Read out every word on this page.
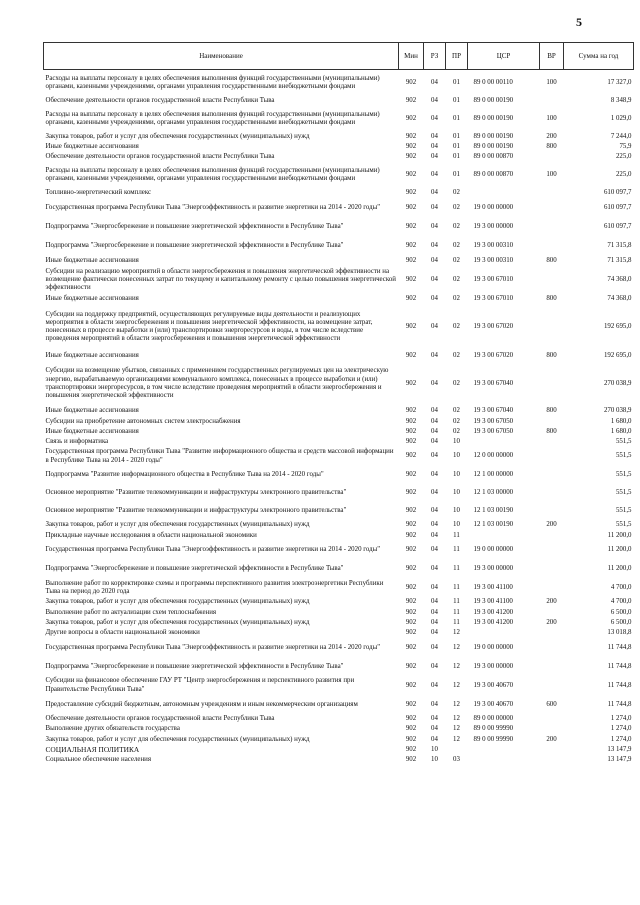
5
Наименование	Мин	РЗ	ПР	ЦСР	ВР	Сумма на год
Расходы на выплаты персоналу в целях обеспечения выполнения функций государственными (муниципальными) органами, казенными учреждениями, органами управления государственными внебюджетными фондами	902	04	01	89 0 00 00110	100	17 327,0
Обеспечение деятельности органов государственной власти Республики Тыва	902	04	01	89 0 00 00190		8 348,9
Расходы на выплаты персоналу в целях обеспечения выполнения функций государственными (муниципальными) органами, казенными учреждениями, органами управления государственными внебюджетными фондами	902	04	01	89 0 00 00190	100	1 029,0
Закупка товаров, работ и услуг для обеспечения государственных (муниципальных) нужд	902	04	01	89 0 00 00190	200	7 244,0
Иные бюджетные ассигнования	902	04	01	89 0 00 00190	800	75,9
Обеспечение деятельности органов государственной власти Республики Тыва	902	04	01	89 0 00 00870		225,0
Расходы на выплаты персоналу в целях обеспечения выполнения функций государственными (муниципальными) органами, казенными учреждениями, органами управления государственными внебюджетными фондами	902	04	01	89 0 00 00870	100	225,0
Топливно-энергетический комплекс	902	04	02			610 097,7
Государственная программа Республики Тыва "Энергоэффективность и развитие энергетики на 2014 - 2020 годы"	902	04	02	19 0 00 00000		610 097,7
Подпрограмма "Энергосбережение и повышение энергетической эффективности в Республике Тыва"	902	04	02	19 3 00 00000		610 097,7
Подпрограмма "Энергосбережение и повышение энергетической эффективности в Республике Тыва"	902	04	02	19 3 00 00310		71 315,8
Иные бюджетные ассигнования	902	04	02	19 3 00 00310	800	71 315,8
Субсидии на реализацию мероприятий в области энергосбережения и повышения энергетической эффективности на возмещение фактически понесенных затрат по текущему и капитальному ремонту с целью повышения энергетической эффективности	902	04	02	19 3 00 67010		74 368,0
Иные бюджетные ассигнования	902	04	02	19 3 00 67010	800	74 368,0
Субсидии на поддержку предприятий, осуществляющих регулируемые виды деятельности и реализующих мероприятия в области энергосбережения и повышения энергетической эффективности, на возмещение затрат, понесенных в процессе выработки и (или) транспортировки энергоресурсов и воды, в том числе вследствие проведения мероприятий в области энергосбережения и повышения энергетической эффективности	902	04	02	19 3 00 67020		192 695,0
Иные бюджетные ассигнования	902	04	02	19 3 00 67020	800	192 695,0
Субсидии на возмещение убытков, связанных с применением государственных регулируемых цен на электрическую энергию, вырабатываемую организациями коммунального комплекса, понесенных в процессе выработки и (или) транспортировки энергоресурсов, в том числе вследствие проведения мероприятий в области энергосбережения и повышения энергетической эффективности	902	04	02	19 3 00 67040		270 038,9
Иные бюджетные ассигнования	902	04	02	19 3 00 67040	800	270 038,9
Субсидии на приобретение автономных систем электроснабжения	902	04	02	19 3 00 67050		1 680,0
Иные бюджетные ассигнования	902	04	02	19 3 00 67050	800	1 680,0
Связь и информатика	902	04	10			551,5
Государственная программа Республики Тыва "Развитие информационного общества и средств массовой информации в Республике Тыва на 2014 - 2020 годы"	902	04	10	12 0 00 00000		551,5
Подпрограмма "Развитие информационного общества в Республике Тыва на 2014 - 2020 годы"	902	04	10	12 1 00 00000		551,5
Основное мероприятие "Развитие телекоммуникации и инфраструктуры электронного правительства"	902	04	10	12 1 03 00000		551,5
Основное мероприятие "Развитие телекоммуникации и инфраструктуры электронного правительства"	902	04	10	12 1 03 00190		551,5
Закупка товаров, работ и услуг для обеспечения государственных (муниципальных) нужд	902	04	10	12 1 03 00190	200	551,5
Прикладные научные исследования в области национальной экономики	902	04	11			11 200,0
Государственная программа Республики Тыва "Энергоэффективность и развитие энергетики на 2014 - 2020 годы"	902	04	11	19 0 00 00000		11 200,0
Подпрограмма "Энергосбережение и повышение энергетической эффективности в Республике Тыва"	902	04	11	19 3 00 00000		11 200,0
Выполнение работ по корректировке схемы и программы перспективного развития электроэнергетики Республики Тыва на период до 2020 года	902	04	11	19 3 00 41100		4 700,0
Закупка товаров, работ и услуг для обеспечения государственных (муниципальных) нужд	902	04	11	19 3 00 41100	200	4 700,0
Выполнение работ по актуализации схем теплоснабжения	902	04	11	19 3 00 41200		6 500,0
Закупка товаров, работ и услуг для обеспечения государственных (муниципальных) нужд	902	04	11	19 3 00 41200	200	6 500,0
Другие вопросы в области национальной экономики	902	04	12			13 018,8
Государственная программа Республики Тыва "Энергоэффективность и развитие энергетики на 2014 - 2020 годы"	902	04	12	19 0 00 00000		11 744,8
Подпрограмма "Энергосбережение и повышение энергетической эффективности в Республике Тыва"	902	04	12	19 3 00 00000		11 744,8
Субсидии на финансовое обеспечение ГАУ РТ "Центр энергосбережения и перспективного развития при Правительстве Республики Тыва"	902	04	12	19 3 00 40670		11 744,8
Предоставление субсидий бюджетным, автономным учреждениям и иным некоммерческим организациям	902	04	12	19 3 00 40670	600	11 744,8
Обеспечение деятельности органов государственной власти Республики Тыва	902	04	12	89 0 00 00000		1 274,0
Выполнение других обязательств государства	902	04	12	89 0 00 99990		1 274,0
Закупка товаров, работ и услуг для обеспечения государственных (муниципальных) нужд	902	04	12	89 0 00 99990	200	1 274,0
СОЦИАЛЬНАЯ ПОЛИТИКА	902	10				13 147,9
Социальное обеспечение населения	902	10	03			13 147,9
